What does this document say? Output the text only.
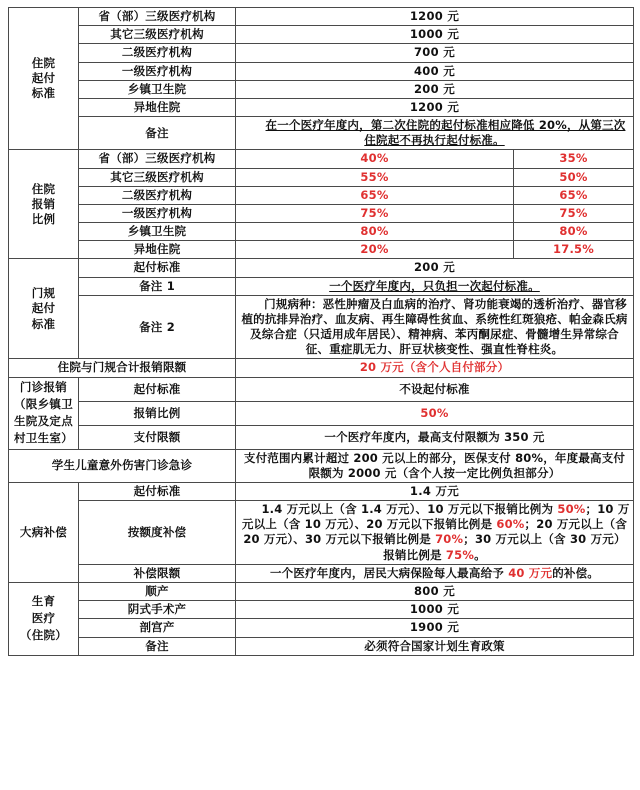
住院
起付
标准	省（部）三级医疗机构	1200 元	
	其它三级医疗机构	1000 元	
	二级医疗机构	700 元	
	一级医疗机构	400 元	
	乡镇卫生院	200 元	
	异地住院	1200 元	
	备注	在一个医疗年度内，第二次住院的起付标准相应降低 20%，从第三次住院起不再执行起付标准。	
住院
报销
比例	省（部）三级医疗机构	40%	35%
	其它三级医疗机构	55%	50%
	二级医疗机构	65%	65%
	一级医疗机构	75%	75%
	乡镇卫生院	80%	80%
	异地住院	20%	17.5%
门规
起付
标准	起付标准	200 元	
	备注 1	一个医疗年度内，只负担一次起付标准。	
	备注 2	门规病种：恶性肿瘤及白血病的治疗、肾功能衰竭的透析治疗、器官移植的抗排异治疗、血友病、再生障碍性贫血、系统性红斑狼疮、帕金森氏病及综合症（只适用成年居民）、精神病、苯丙酮尿症、骨髓增生异常综合征、重症肌无力、肝豆状核变性、强直性脊柱炎。	
住院与门规合计报销限额		20 万元（含个人自付部分）	
门诊报销
（限乡镇卫
生院及定点
村卫生室）	起付标准	不设起付标准	
	报销比例	50%	
	支付限额	一个医疗年度内，最高支付限额为 350 元	
学生儿童意外伤害门诊急诊		支付范围内累计超过 200 元以上的部分，医保支付 80%，年度最高支付限额为 2000 元（含个人按一定比例负担部分）	
大病补偿	起付标准	1.4 万元	
	按额度补偿	1.4 万元以上（含 1.4 万元）、10 万元以下报销比例为 50%；10 万元以上（含 10 万元）、20 万元以下报销比例是 60%；20 万元以上（含 20 万元）、30 万元以下报销比例是 70%；30 万元以上（含 30 万元）报销比例是 75%。	
	补偿限额	一个医疗年度内，居民大病保险每人最高给予 40 万元的补偿。	
生育
医疗
（住院）	顺产	800 元	
	阴式手术产	1000 元	
	剖宫产	1900 元	
	备注	必须符合国家计划生育政策	
